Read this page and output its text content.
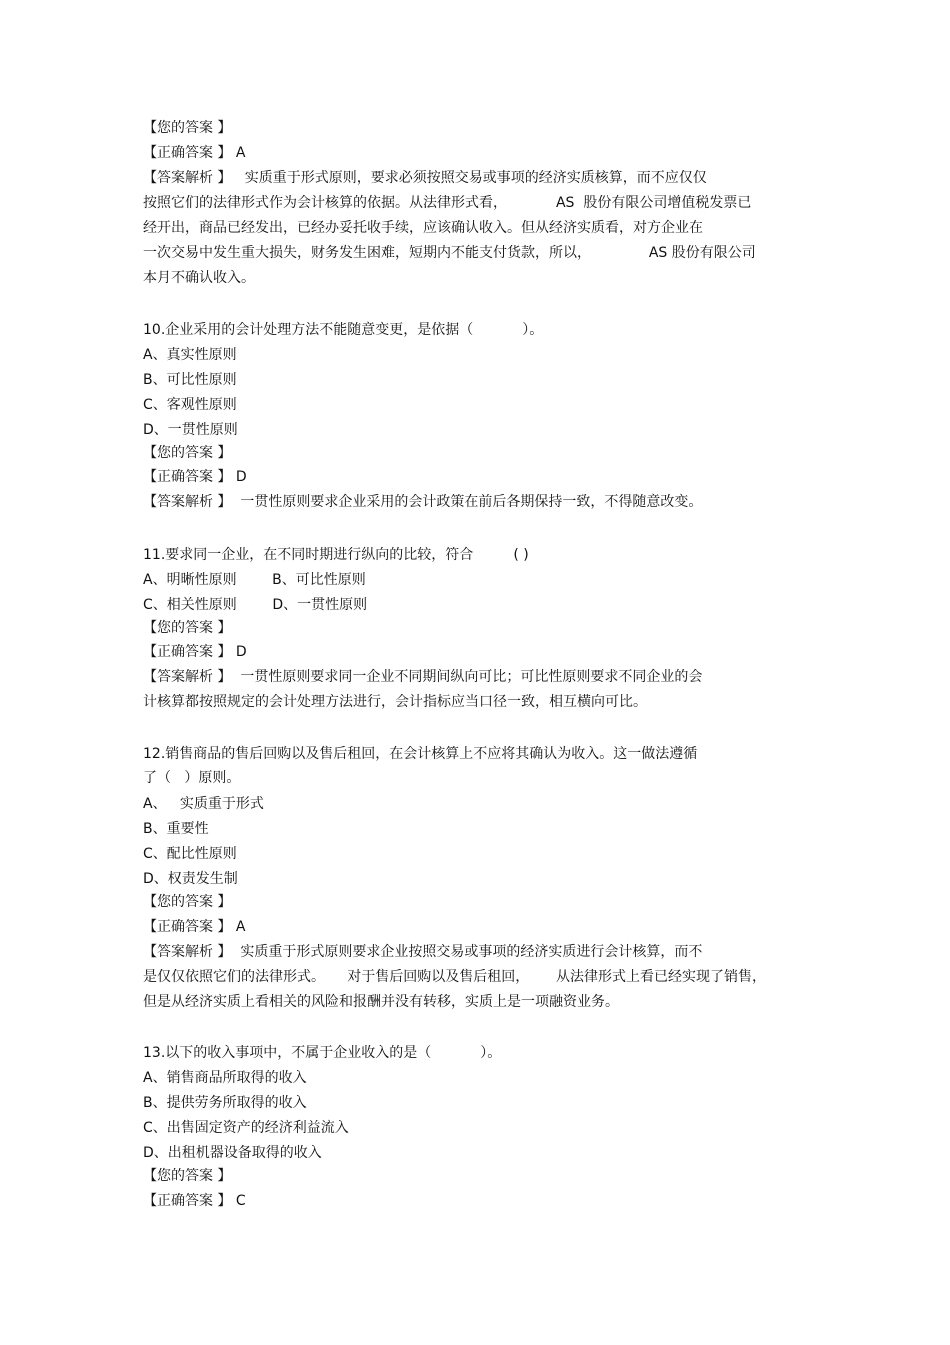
【您的答案 】
【正确答案 】 A
【答案解析 】   实质重于形式原则，要求必须按照交易或事项的经济实质核算，而不应仅仅
按照它们的法律形式作为会计核算的依据。从法律形式看，           AS  股份有限公司增值税发票已
经开出，商品已经发出，已经办妥托收手续，应该确认收入。但从经济实质看，对方企业在
一次交易中发生重大损失，财务发生困难，短期内不能支付货款，所以，             AS 股份有限公司
本月不确认收入。
10.企业采用的会计处理方法不能随意变更，是依据（           ）。
A、真实性原则
B、可比性原则
C、客观性原则
D、一贯性原则
【您的答案 】
【正确答案 】 D
【答案解析 】  一贯性原则要求企业采用的会计政策在前后各期保持一致，不得随意改变。
11.要求同一企业，在不同时期进行纵向的比较，符合         ( )
A、明晰性原则        B、可比性原则
C、相关性原则        D、一贯性原则
【您的答案 】
【正确答案 】 D
【答案解析 】  一贯性原则要求同一企业不同期间纵向可比；可比性原则要求不同企业的会
计核算都按照规定的会计处理方法进行，会计指标应当口径一致，相互横向可比。
12.销售商品的售后回购以及售后租回，在会计核算上不应将其确认为收入。这一做法遵循
了（   ）原则。
A、   实质重于形式
B、重要性
C、配比性原则
D、权责发生制
【您的答案 】
【正确答案 】 A
【答案解析 】  实质重于形式原则要求企业按照交易或事项的经济实质进行会计核算，而不
是仅仅依照它们的法律形式。     对于售后回购以及售后租回，      从法律形式上看已经实现了销售，
但是从经济实质上看相关的风险和报酬并没有转移，实质上是一项融资业务。
13.以下的收入事项中，不属于企业收入的是（           ）。
A、销售商品所取得的收入
B、提供劳务所取得的收入
C、出售固定资产的经济利益流入
D、出租机器设备取得的收入
【您的答案 】
【正确答案 】 C
